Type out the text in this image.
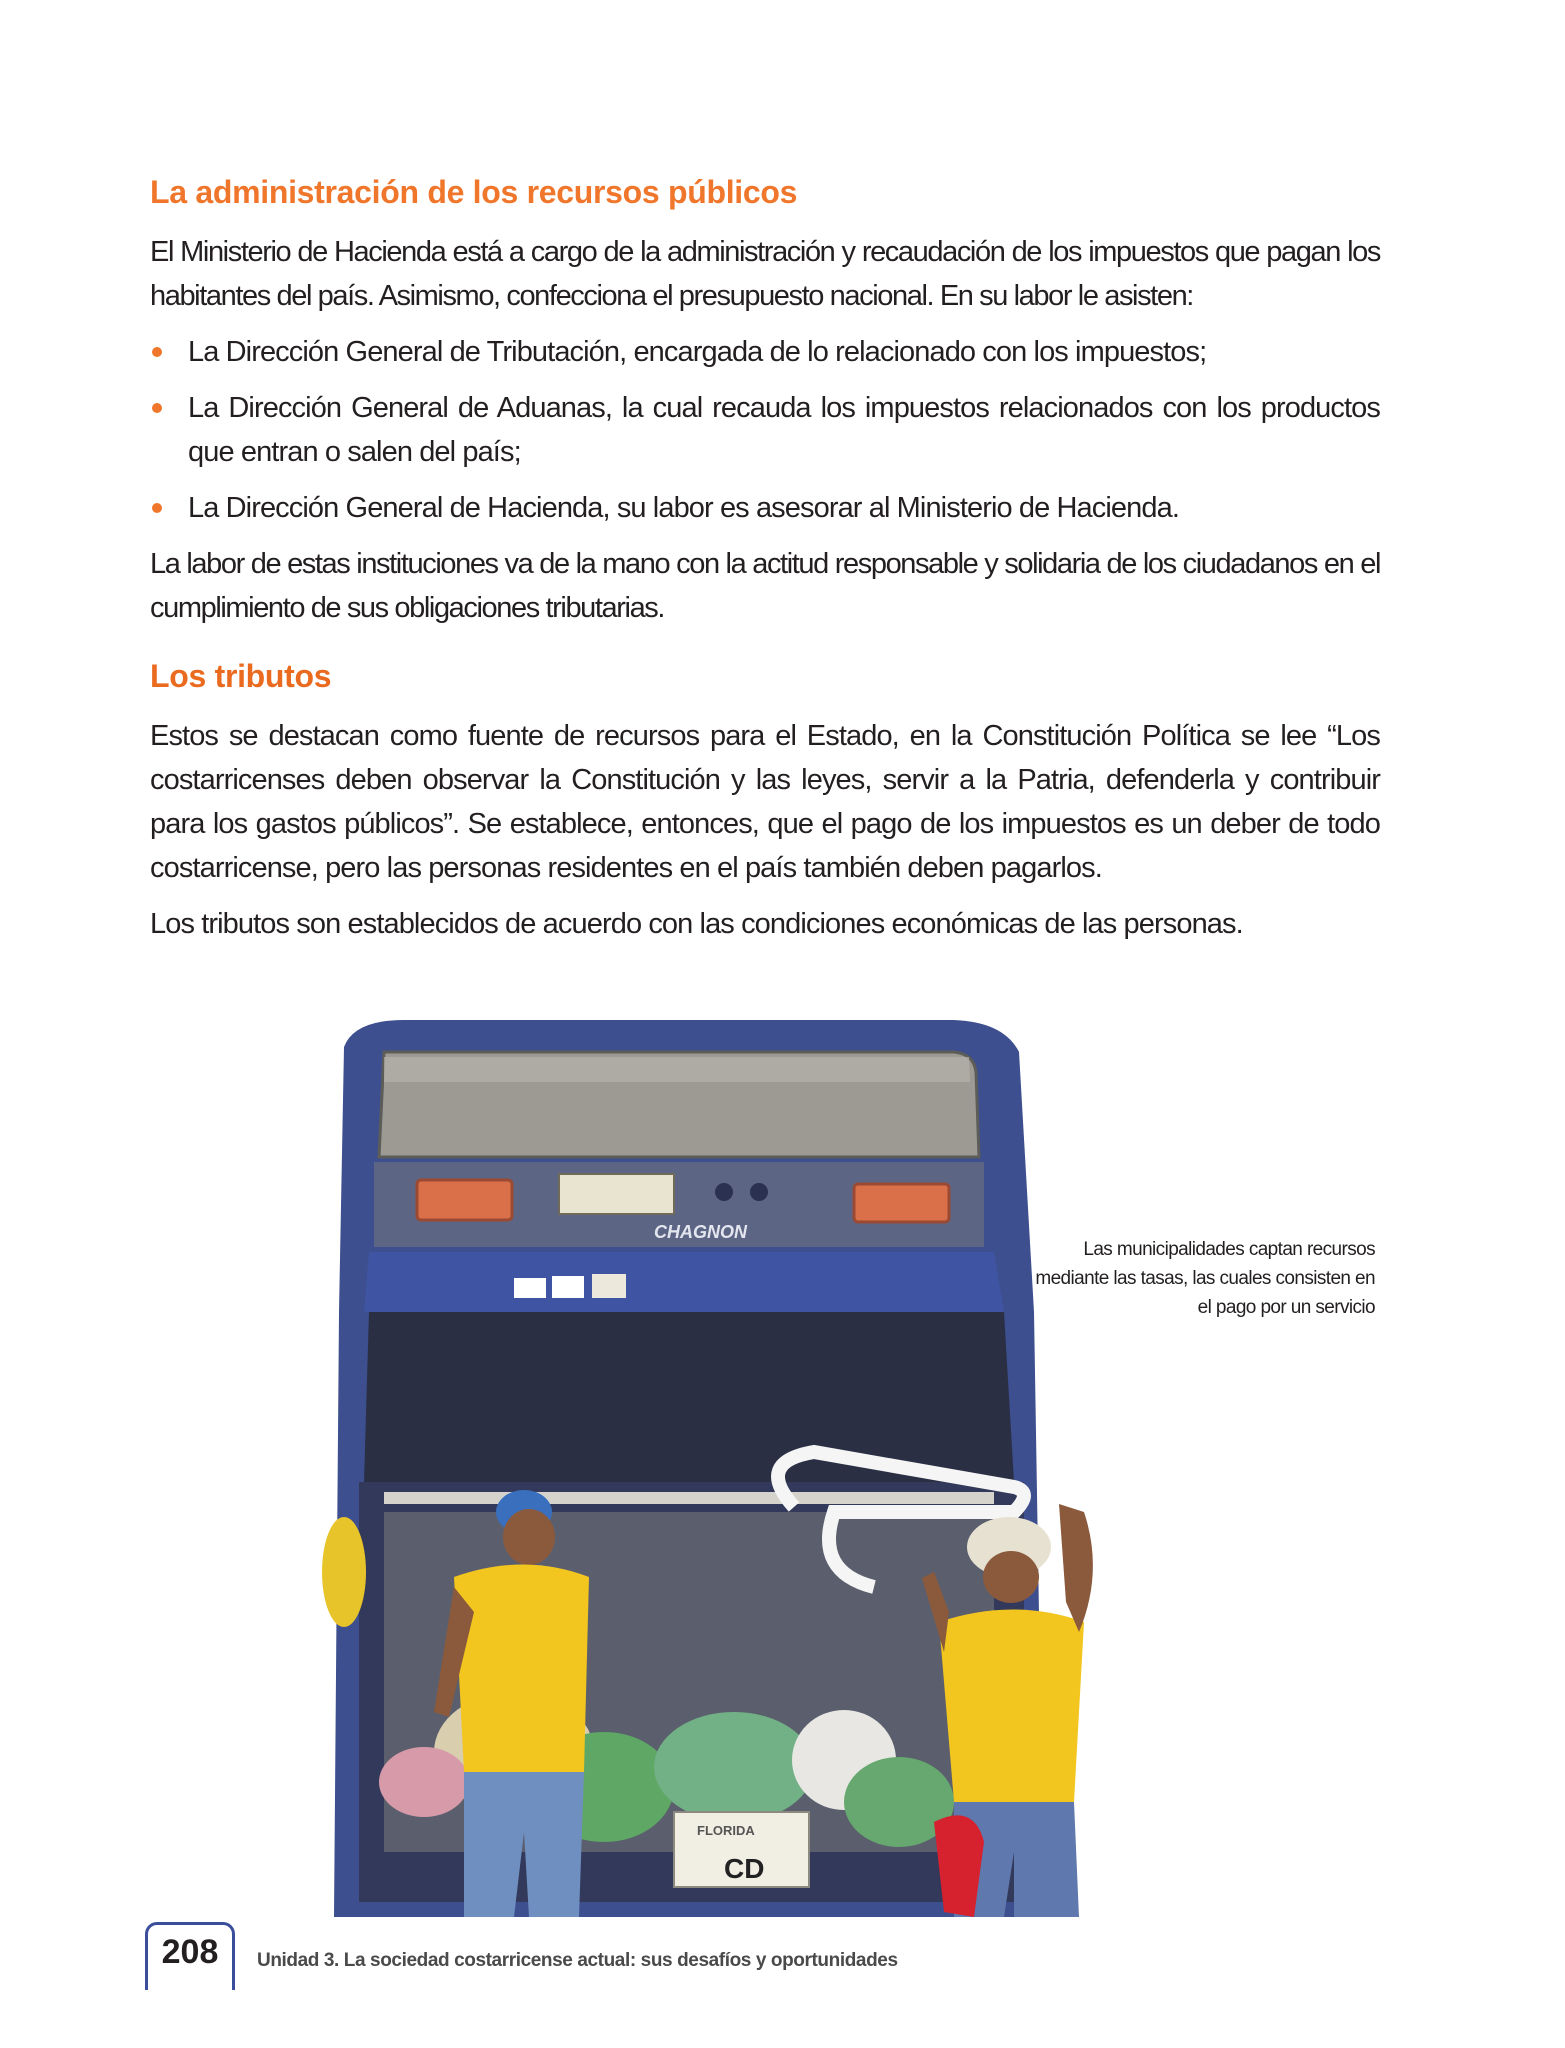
La administración de los recursos públicos

El Ministerio de Hacienda está a cargo de la administración y recaudación de los impuestos que pagan los habitantes del país. Asimismo, confecciona el presupuesto nacional. En su labor le asisten:

La Dirección General de Tributación, encargada de lo relacionado con los impuestos;
La Dirección General de Aduanas, la cual recauda los impuestos relacionados con los productos que entran o salen del país;
La Dirección General de Hacienda, su labor es asesorar al Ministerio de Hacienda.

La labor de estas instituciones va de la mano con la actitud responsable y solidaria de los ciudadanos en el cumplimiento de sus obligaciones tributarias.

Los tributos

Estos se destacan como fuente de recursos para el Estado, en la Constitución Política se lee “Los costarricenses deben observar la Constitución y las leyes, servir a la Patria, defenderla y contribuir para los gastos públicos”. Se establece, entonces, que el pago de los impuestos es un deber de todo costarricense, pero las personas residentes en el país también deben pagarlos.

Los tributos son establecidos de acuerdo con las condiciones económicas de las personas.

CHAGNON
FLORIDA
CD
Las municipalidades captan recursos mediante las tasas, las cuales consisten en el pago por un servicio
208	Unidad 3. La sociedad costarricense actual: sus desafíos y oportunidades
